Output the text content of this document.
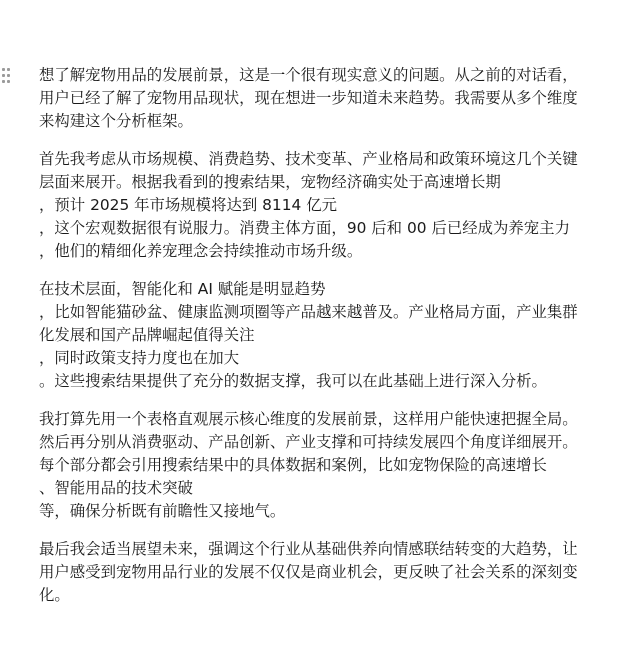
想了解宠物用品的发展前景，这是一个很有现实意义的问题。从之前的对话看，
用户已经了解了宠物用品现状，现在想进一步知道未来趋势。我需要从多个维度
来构建这个分析框架。
首先我考虑从市场规模、消费趋势、技术变革、产业格局和政策环境这几个关键
层面来展开。根据我看到的搜索结果，宠物经济确实处于高速增长期
，预计 2025 年市场规模将达到 8114 亿元
，这个宏观数据很有说服力。消费主体方面，90 后和 00 后已经成为养宠主力
，他们的精细化养宠理念会持续推动市场升级。
在技术层面，智能化和 AI 赋能是明显趋势
，比如智能猫砂盆、健康监测项圈等产品越来越普及。产业格局方面，产业集群
化发展和国产品牌崛起值得关注
，同时政策支持力度也在加大
。这些搜索结果提供了充分的数据支撑，我可以在此基础上进行深入分析。
我打算先用一个表格直观展示核心维度的发展前景，这样用户能快速把握全局。
然后再分别从消费驱动、产品创新、产业支撑和可持续发展四个角度详细展开。
每个部分都会引用搜索结果中的具体数据和案例，比如宠物保险的高速增长
、智能用品的技术突破
等，确保分析既有前瞻性又接地气。
最后我会适当展望未来，强调这个行业从基础供养向情感联结转变的大趋势，让
用户感受到宠物用品行业的发展不仅仅是商业机会，更反映了社会关系的深刻变
化。
